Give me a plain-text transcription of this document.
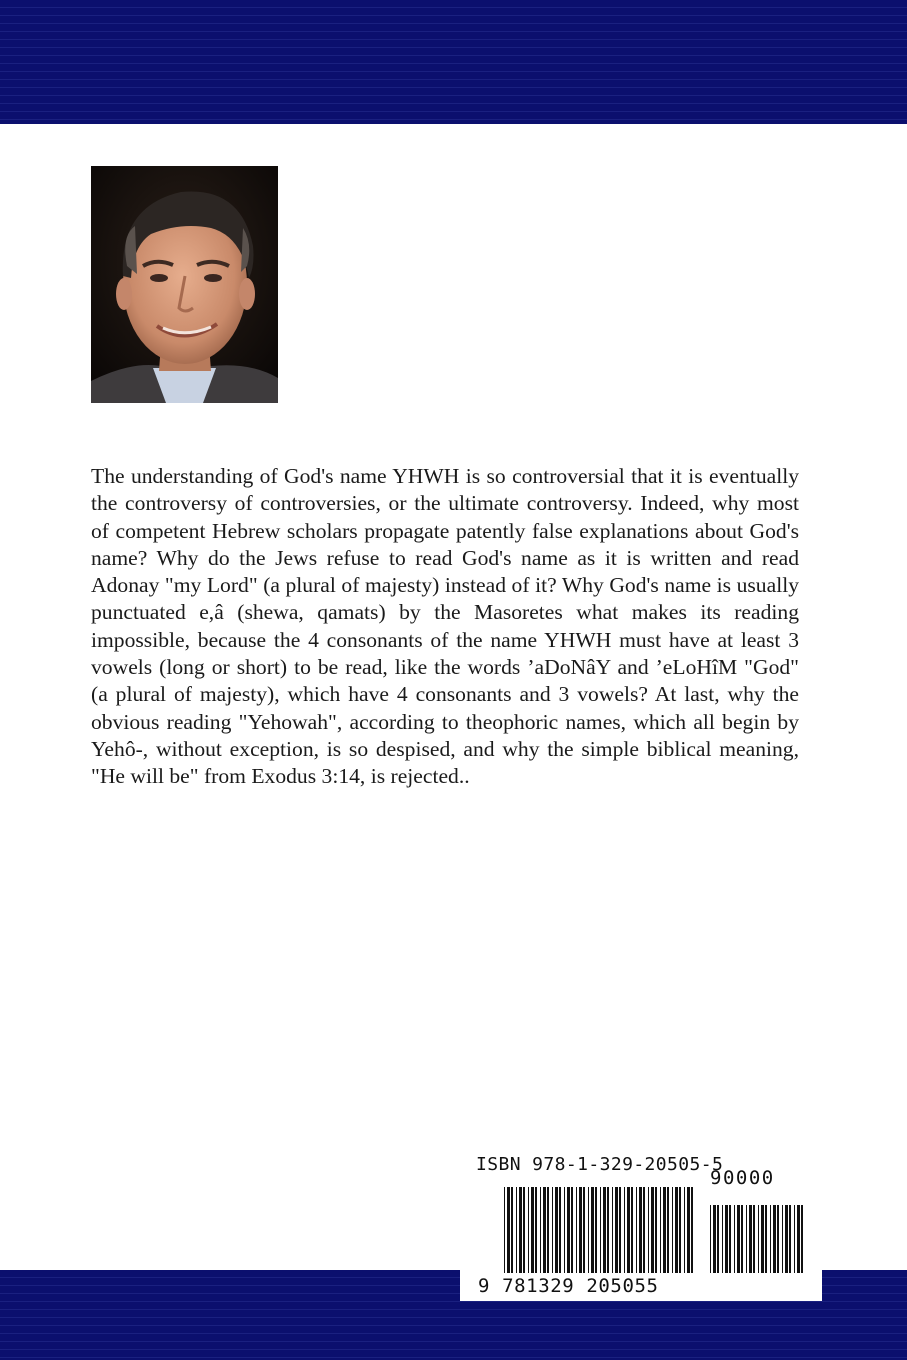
The understanding of God's name YHWH is so controversial that it is eventually the controversy of controversies, or the ultimate controversy. Indeed, why most of competent Hebrew scholars propagate patently false explanations about God's name? Why do the Jews refuse to read God's name as it is written and read Adonay "my Lord" (a plural of majesty) instead of it? Why God's name is usually punctuated e,â (shewa, qamats) by the Masoretes what makes its reading impossible, because the 4 consonants of the name YHWH must have at least 3 vowels (long or short) to be read, like the words ’aDoNâY and ’eLoHîM "God" (a plural of majesty), which have 4 consonants and 3 vowels? At last, why the obvious reading "Yehowah", according to theophoric names, which all begin by Yehô-, without exception, is so despised, and why the simple biblical meaning, "He will be" from Exodus 3:14, is rejected..

ISBN 978-1-329-20505-5
90000
9 781329 205055
